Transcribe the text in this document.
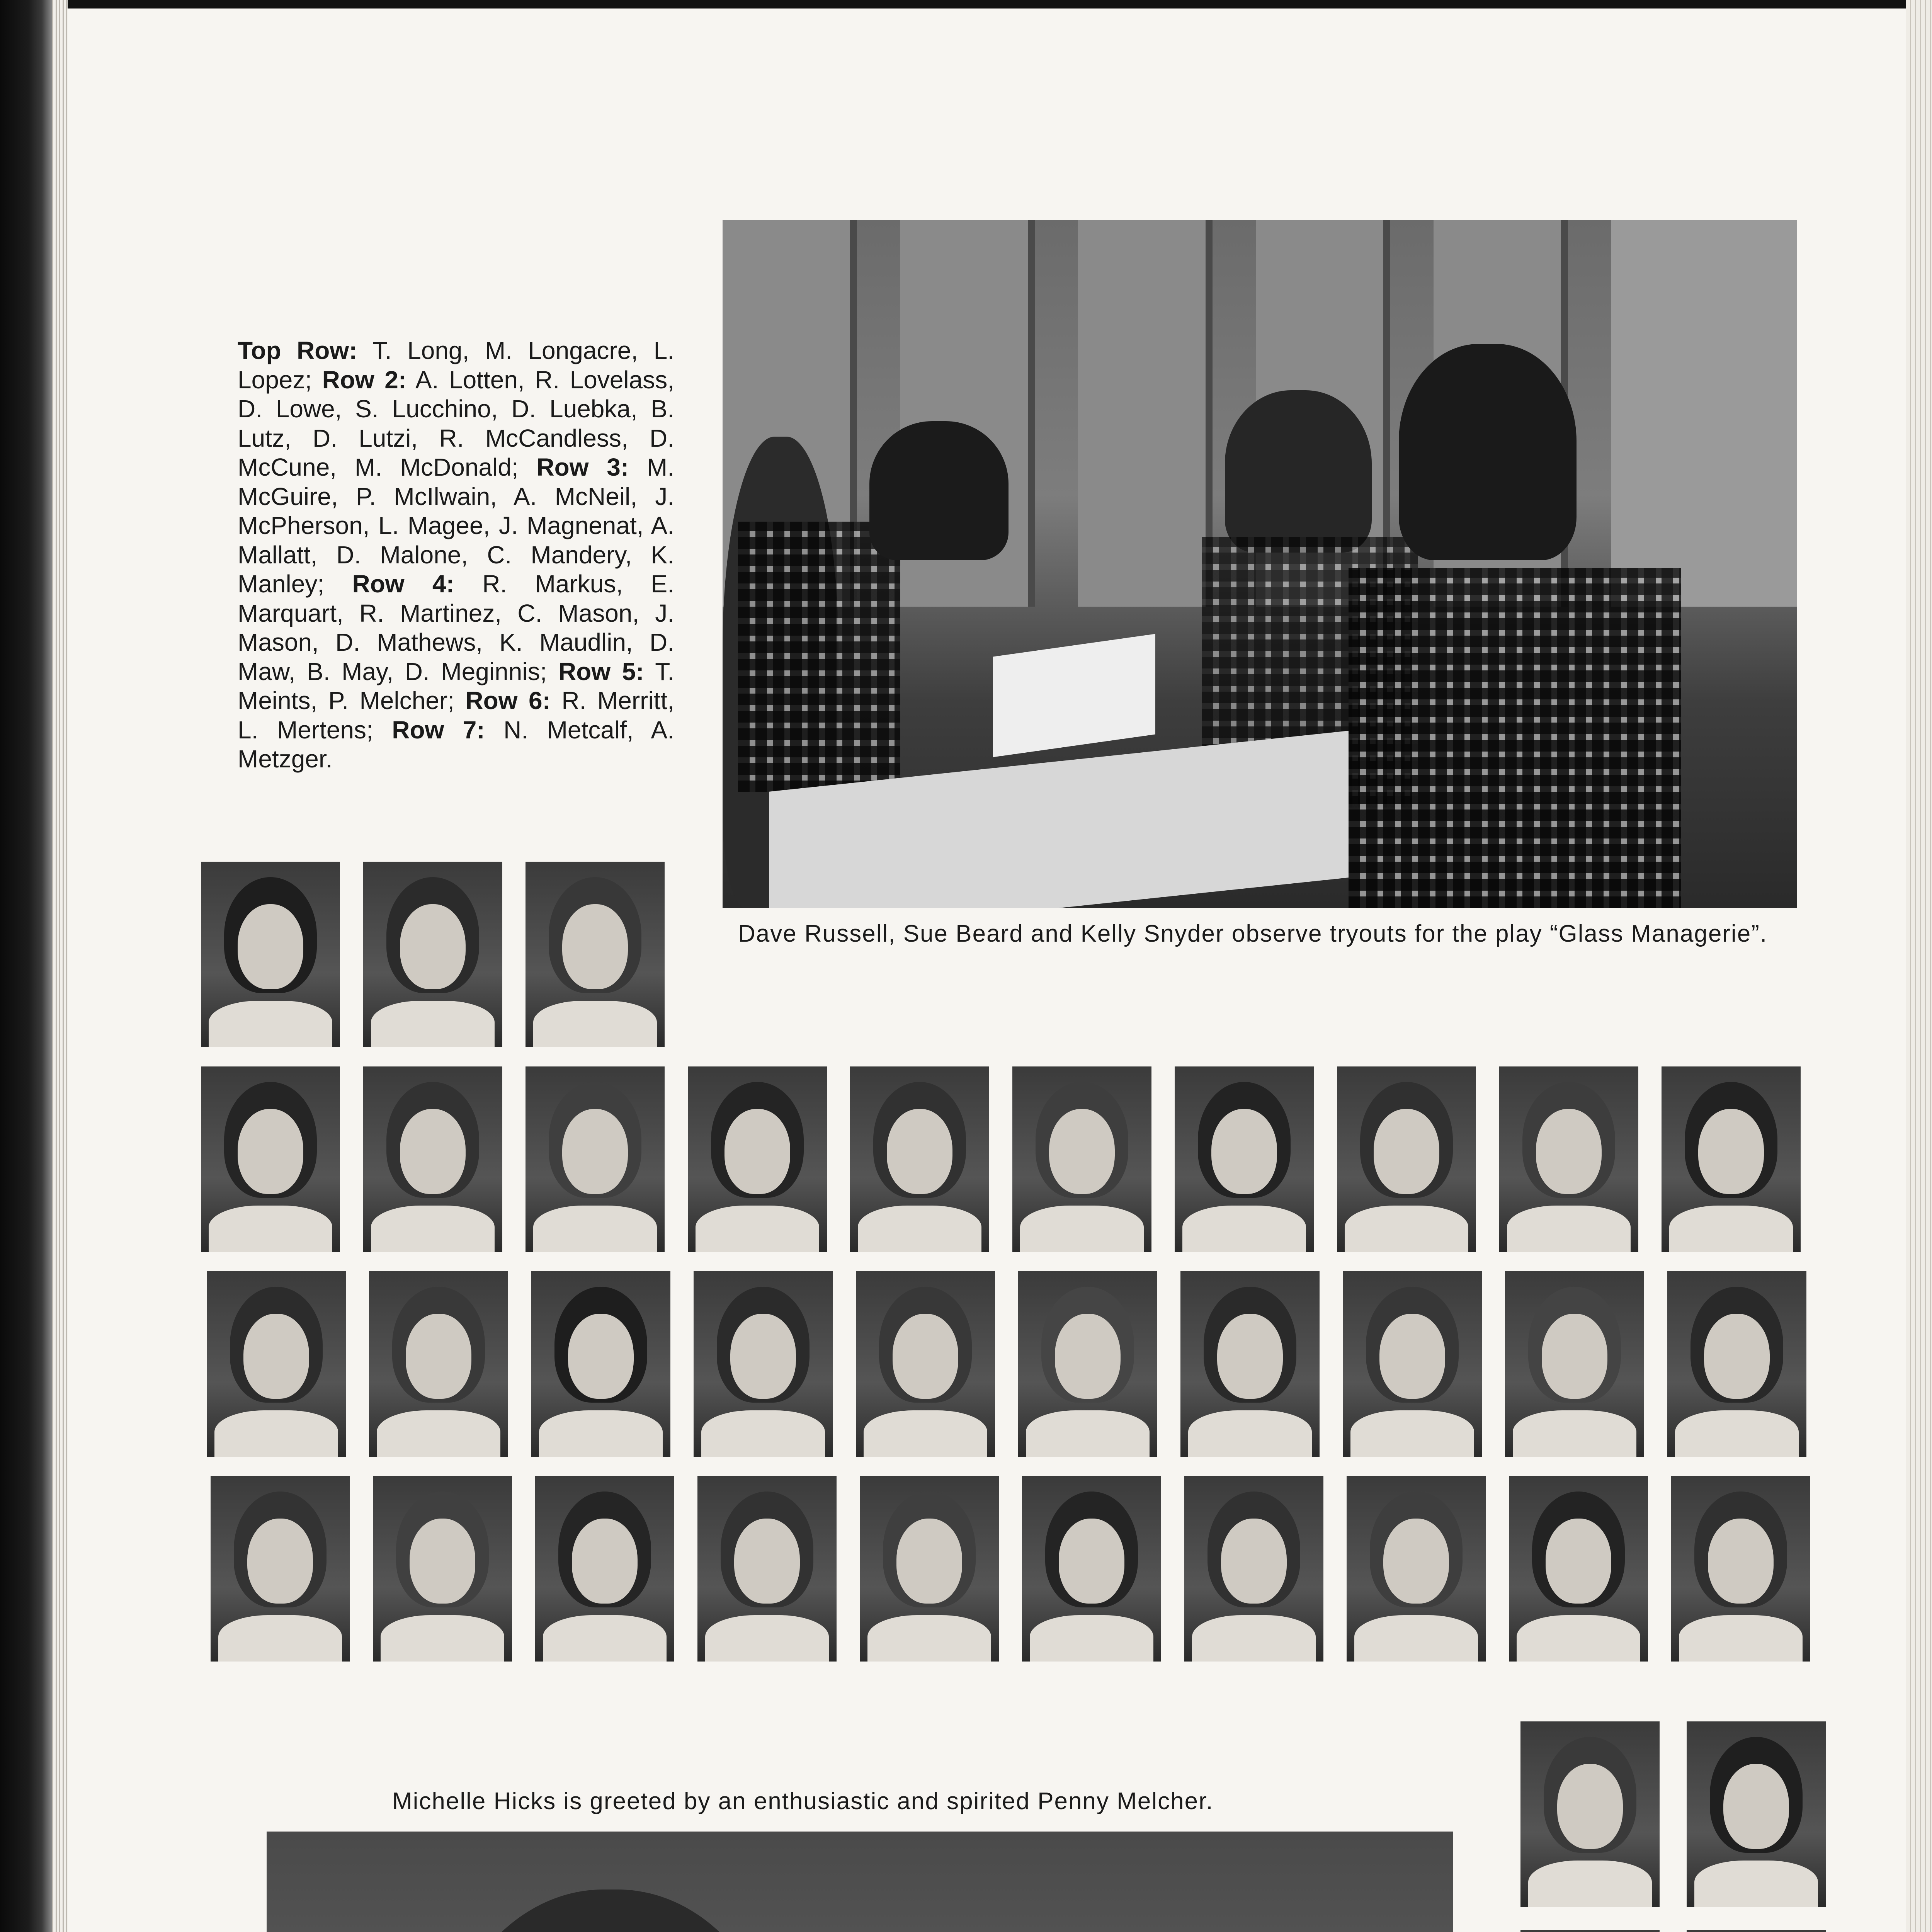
Top Row: T. Long, M. Longacre, L. Lopez; Row 2: A. Lotten, R. Lovelass, D. Lowe, S. Lucchino, D. Luebka, B. Lutz, D. Lutzi, R. McCandless, D. McCune, M. McDonald; Row 3: M. McGuire, P. McIlwain, A. McNeil, J. McPherson, L. Magee, J. Magnenat, A. Mallatt, D. Malone, C. Mandery, K. Manley; Row 4: R. Markus, E. Marquart, R. Martinez, C. Mason, J. Mason, D. Mathews, K. Maudlin, D. Maw, B. May, D. Meginnis; Row 5: T. Meints, P. Melcher; Row 6: R. Merritt, L. Mertens; Row 7: N. Metcalf, A. Metzger.
Dave Russell, Sue Beard and Kelly Snyder observe tryouts for the play “Glass Managerie”.
Michelle Hicks is greeted by an enthusiastic and spirited Penny Melcher.
